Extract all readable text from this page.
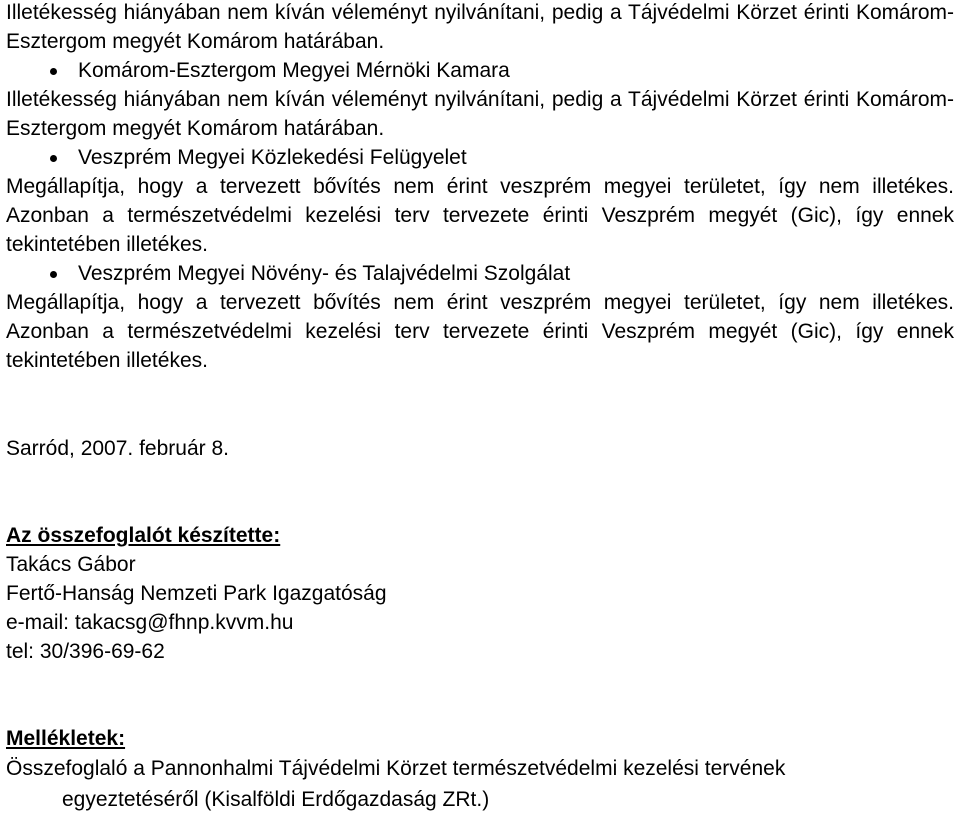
Illetékesség hiányában nem kíván véleményt nyilvánítani, pedig a Tájvédelmi Körzet érinti Komárom-Esztergom megyét Komárom határában.

Komárom-Esztergom Megyei Mérnöki Kamara

Illetékesség hiányában nem kíván véleményt nyilvánítani, pedig a Tájvédelmi Körzet érinti Komárom-Esztergom megyét Komárom határában.

Veszprém Megyei Közlekedési Felügyelet

Megállapítja, hogy a tervezett bővítés nem érint veszprém megyei területet, így nem illetékes. Azonban a természetvédelmi kezelési terv tervezete érinti Veszprém megyét (Gic), így ennek tekintetében illetékes.

Veszprém Megyei Növény- és Talajvédelmi Szolgálat

Megállapítja, hogy a tervezett bővítés nem érint veszprém megyei területet, így nem illetékes. Azonban a természetvédelmi kezelési terv tervezete érinti Veszprém megyét (Gic), így ennek tekintetében illetékes.

Sarród, 2007. február 8.

Az összefoglalót készítette:

Takács Gábor

Fertő-Hanság Nemzeti Park Igazgatóság

e-mail: takacsg@fhnp.kvvm.hu

tel: 30/396-69-62

Mellékletek:

Összefoglaló a Pannonhalmi Tájvédelmi Körzet természetvédelmi kezelési tervének

egyeztetéséről (Kisalföldi Erdőgazdaság ZRt.)
